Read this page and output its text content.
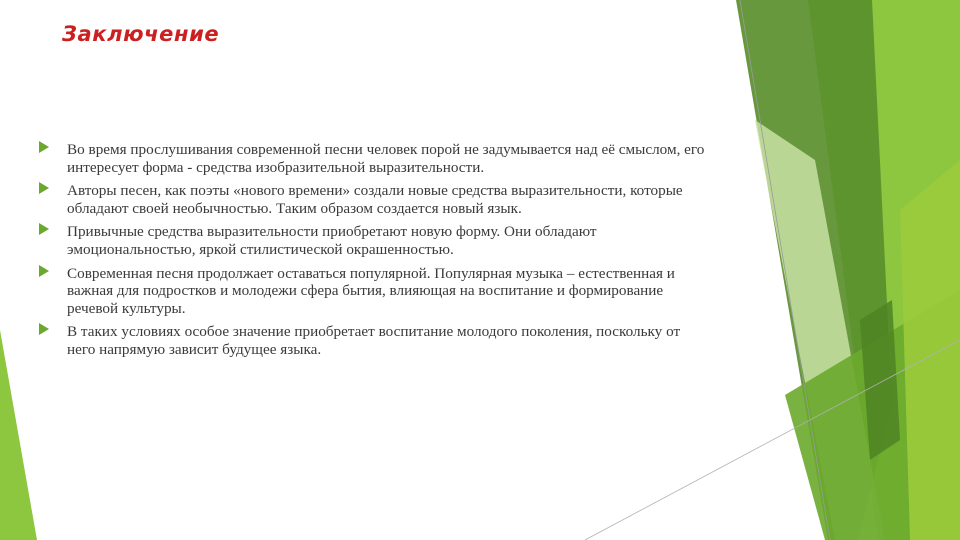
Заключение
Во время прослушивания современной песни человек порой не задумывается над её смыслом, его интересует форма - средства изобразительной выразительности.
Авторы песен, как поэты «нового времени» создали новые средства выразительности, которые обладают своей необычностью. Таким образом создается новый язык.
Привычные средства выразительности приобретают новую форму. Они обладают эмоциональностью, яркой стилистической окрашенностью.
Современная песня продолжает оставаться популярной. Популярная музыка – естественная и важная для подростков и молодежи сфера бытия, влияющая на воспитание и формирование речевой культуры.
В таких условиях особое значение приобретает воспитание молодого поколения, поскольку от него напрямую зависит будущее языка.
